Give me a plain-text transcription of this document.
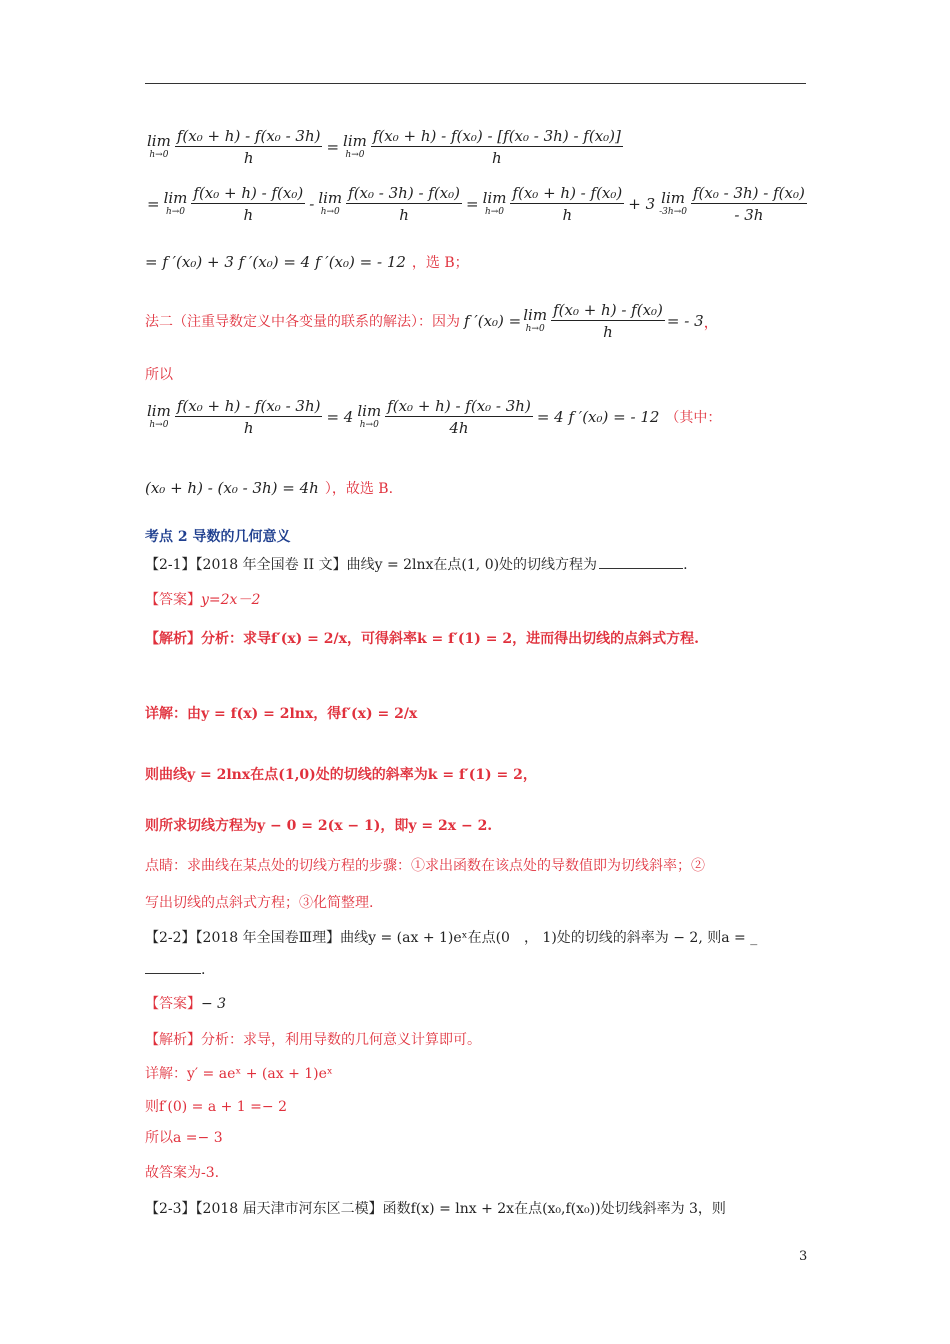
lim
$h\to 0 \frac{\text{f(x₀ + h) - f(x₀ - 3h)}}{h} = \lim$
$h\to 0 \frac{\text{f(x₀ + h) - f(x₀) - [f(x₀ - 3h) - f(x₀)]}}{h}$
= lim
$h\to 0 \frac{\text{f(x₀ + h) - f(x₀)}}{h} - \lim$
$h\to 0 \frac{\text{f(x₀ - 3h) - f(x₀)}}{h} = \lim$
$h\to 0 \frac{\text{f(x₀ + h) - f(x₀)}}{h} + 3$ lim
$-3h\to 0 \frac{\text{f(x₀ - 3h) - f(x₀)}}{- 3h}$
= f ′(x₀) + 3 f ′(x₀) = 4 f ′(x₀) = - 12 ，选 B；
法二（注重导数定义中各变量的联系的解法）：因为 f ′(x₀) = lim
$h\to 0 \frac{\text{f(x₀ + h) - f(x₀)}}{h}$ = - 3 ，
所以
lim
$h\to 0 \frac{\text{f(x₀ + h) - f(x₀ - 3h)}}{h} = 4$ lim
$h\to 0 \frac{\text{f(x₀ + h) - f(x₀ - 3h)}}{4h} = 4$ f ′(x₀) = - 12 （其中：
(x₀ + h) - (x₀ - 3h) = 4h ），故选 B.
考点 2 导数的几何意义
【2-1】【2018 年全国卷 II 文】曲线y = 2lnx在点(1, 0)处的切线方程为	.
【答案】y=2x－2
【解析】分析：求导f′(x) = 2/x，可得斜率k = f′(1) = 2，进而得出切线的点斜式方程.
详解：由y = f(x) = 2lnx，得f′(x) = 2/x
则曲线y = 2lnx在点(1,0)处的切线的斜率为k = f′(1) = 2，
则所求切线方程为y − 0 = 2(x − 1)，即y = 2x − 2.
点睛：求曲线在某点处的切线方程的步骤：①求出函数在该点处的导数值即为切线斜率；②
写出切线的点斜式方程；③化简整理.
【2-2】【2018 年全国卷Ⅲ理】曲线y = (ax + 1)eˣ在点(0　， 1)处的切线的斜率为 − 2, 则a = _
.
【答案】− 3
【解析】分析：求导，利用导数的几何意义计算即可。
详解：y′ = aeˣ + (ax + 1)eˣ
则f′(0) = a + 1 =− 2
所以a =− 3
故答案为-3.
【2-3】【2018 届天津市河东区二模】函数f(x) = lnx + 2x在点(x₀,f(x₀))处切线斜率为 3，则
3
